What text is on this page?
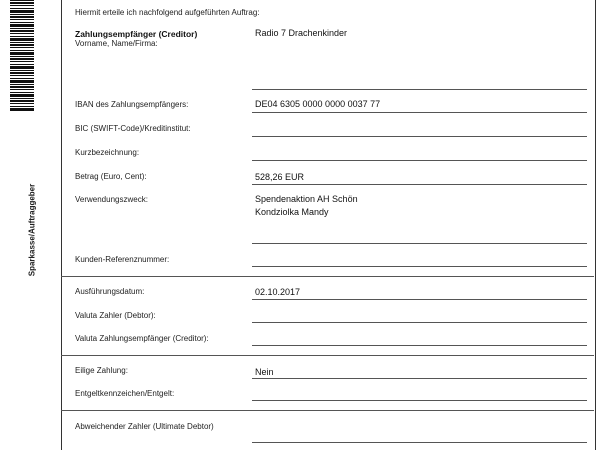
Sparkasse/Auftraggeber
Hiermit erteile ich nachfolgend aufgeführten Auftrag:
Zahlungsempfänger (Creditor)
Vorname, Name/Firma:
Radio 7 Drachenkinder
IBAN des Zahlungsempfängers:	DE04 6305 0000 0000 0037 77
BIC (SWIFT-Code)/Kreditinstitut:
Kurzbezeichnung:
Betrag (Euro, Cent):	528,26 EUR
Verwendungszweck:	Spendenaktion AH Schön
Kondziolka Mandy
Kunden-Referenznummer:
Ausführungsdatum:	02.10.2017
Valuta Zahler (Debtor):
Valuta Zahlungsempfänger (Creditor):
Eilige Zahlung:	Nein
Entgeltkennzeichen/Entgelt:
Abweichender Zahler (Ultimate Debtor)
